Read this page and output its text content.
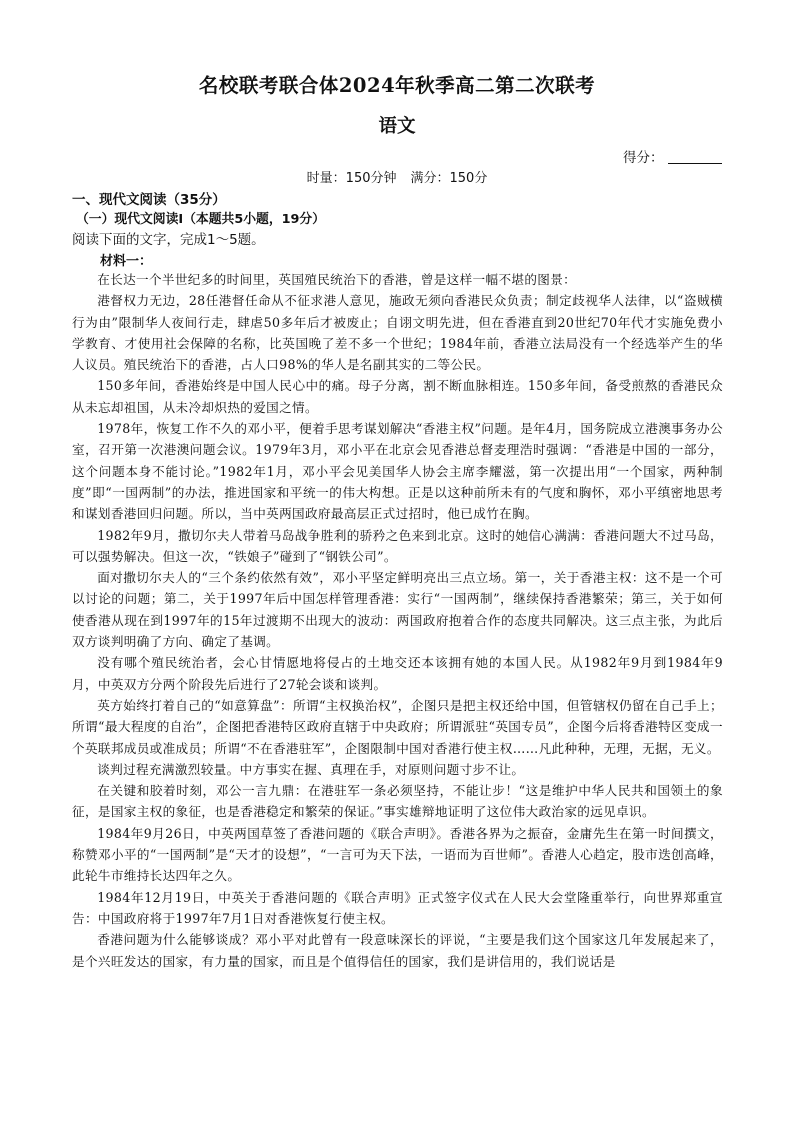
名校联考联合体2024年秋季高二第二次联考
语文
得分：
时量：150分钟 满分：150分
一、现代文阅读（35分）
（一）现代文阅读Ⅰ（本题共5小题，19分）
阅读下面的文字，完成1～5题。
材料一：

在长达一个半世纪多的时间里，英国殖民统治下的香港，曾是这样一幅不堪的图景：

港督权力无边，28任港督任命从不征求港人意见，施政无须向香港民众负责；制定歧视华人法律，以“盗贼横行为由”限制华人夜间行走，肆虐50多年后才被废止；自诩文明先进，但在香港直到20世纪70年代才实施免费小学教育、才使用社会保障的名称，比英国晚了差不多一个世纪；1984年前，香港立法局没有一个经选举产生的华人议员。殖民统治下的香港，占人口98%的华人是名副其实的二等公民。

150多年间，香港始终是中国人民心中的痛。母子分离，割不断血脉相连。150多年间，备受煎熬的香港民众从未忘却祖国，从未冷却炽热的爱国之情。

1978年，恢复工作不久的邓小平，便着手思考谋划解决“香港主权”问题。是年4月，国务院成立港澳事务办公室，召开第一次港澳问题会议。1979年3月，邓小平在北京会见香港总督麦理浩时强调：“香港是中国的一部分，这个问题本身不能讨论。”1982年1月，邓小平会见美国华人协会主席李耀滋，第一次提出用“一个国家，两种制度”即“一国两制”的办法，推进国家和平统一的伟大构想。正是以这种前所未有的气度和胸怀，邓小平缜密地思考和谋划香港回归问题。所以，当中英两国政府最高层正式过招时，他已成竹在胸。

1982年9月，撒切尔夫人带着马岛战争胜利的骄矜之色来到北京。这时的她信心满满：香港问题大不过马岛，可以强势解决。但这一次，“铁娘子”碰到了“钢铁公司”。

面对撒切尔夫人的“三个条约依然有效”，邓小平坚定鲜明亮出三点立场。第一，关于香港主权：这不是一个可以讨论的问题；第二，关于1997年后中国怎样管理香港：实行“一国两制”，继续保持香港繁荣；第三，关于如何使香港从现在到1997年的15年过渡期不出现大的波动：两国政府抱着合作的态度共同解决。这三点主张，为此后双方谈判明确了方向、确定了基调。

没有哪个殖民统治者，会心甘情愿地将侵占的土地交还本该拥有她的本国人民。从1982年9月到1984年9月，中英双方分两个阶段先后进行了27轮会谈和谈判。

英方始终打着自己的“如意算盘”：所谓“主权换治权”，企图只是把主权还给中国，但管辖权仍留在自己手上；所谓“最大程度的自治”，企图把香港特区政府直辖于中央政府；所谓派驻“英国专员”，企图今后将香港特区变成一个英联邦成员或准成员；所谓“不在香港驻军”，企图限制中国对香港行使主权……凡此种种，无理，无据，无义。

谈判过程充满激烈较量。中方事实在握、真理在手，对原则问题寸步不让。

在关键和胶着时刻，邓公一言九鼎：在港驻军一条必须坚持，不能让步！“这是维护中华人民共和国领土的象征，是国家主权的象征，也是香港稳定和繁荣的保证。”事实雄辩地证明了这位伟大政治家的远见卓识。

1984年9月26日，中英两国草签了香港问题的《联合声明》。香港各界为之振奋，金庸先生在第一时间撰文，称赞邓小平的“一国两制”是“天才的设想”，“一言可为天下法，一语而为百世师”。香港人心趋定，股市迭创高峰，此轮牛市维持长达四年之久。

1984年12月19日，中英关于香港问题的《联合声明》正式签字仪式在人民大会堂隆重举行，向世界郑重宣告：中国政府将于1997年7月1日对香港恢复行使主权。

香港问题为什么能够谈成？邓小平对此曾有一段意味深长的评说，“主要是我们这个国家这几年发展起来了，是个兴旺发达的国家，有力量的国家，而且是个值得信任的国家，我们是讲信用的，我们说话是
